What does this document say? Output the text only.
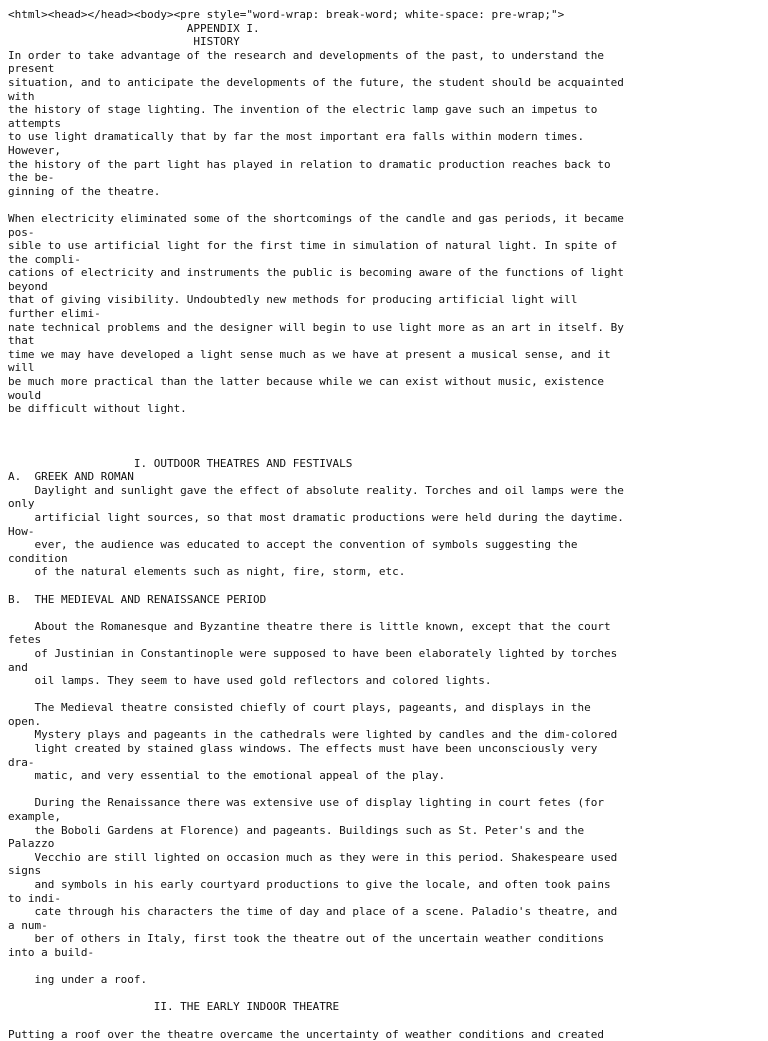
<html><head></head><body><pre style="word-wrap: break-word; white-space: pre-wrap;">
APPENDIX I.
HISTORY
In order to take advantage of the research and developments of the past, to understand the
present
situation, and to anticipate the developments of the future, the student should be acquainted
with
the history of stage lighting. The invention of the electric lamp gave such an impetus to
attempts
to use light dramatically that by far the most important era falls within modern times.
However,
the history of the part light has played in relation to dramatic production reaches back to
the be-
ginning of the theatre.
When electricity eliminated some of the shortcomings of the candle and gas periods, it became
pos-
sible to use artificial light for the first time in simulation of natural light. In spite of
the compli-
cations of electricity and instruments the public is becoming aware of the functions of light
beyond
that of giving visibility. Undoubtedly new methods for producing artificial light will
further elimi-
nate technical problems and the designer will begin to use light more as an art in itself. By
that
time we may have developed a light sense much as we have at present a musical sense, and it
will
be much more practical than the latter because while we can exist without music, existence
would
be difficult without light.
I. OUTDOOR THEATRES AND FESTIVALS
A.  GREEK AND ROMAN
Daylight and sunlight gave the effect of absolute reality. Torches and oil lamps were the
only
artificial light sources, so that most dramatic productions were held during the daytime.
How-
ever, the audience was educated to accept the convention of symbols suggesting the
condition
of the natural elements such as night, fire, storm, etc.
B.  THE MEDIEVAL AND RENAISSANCE PERIOD
About the Romanesque and Byzantine theatre there is little known, except that the court
fetes
of Justinian in Constantinople were supposed to have been elaborately lighted by torches
and
oil lamps. They seem to have used gold reflectors and colored lights.
The Medieval theatre consisted chiefly of court plays, pageants, and displays in the
open.
Mystery plays and pageants in the cathedrals were lighted by candles and the dim-colored
light created by stained glass windows. The effects must have been unconsciously very
dra-
matic, and very essential to the emotional appeal of the play.
During the Renaissance there was extensive use of display lighting in court fetes (for
example,
the Boboli Gardens at Florence) and pageants. Buildings such as St. Peter's and the
Palazzo
Vecchio are still lighted on occasion much as they were in this period. Shakespeare used
signs
and symbols in his early courtyard productions to give the locale, and often took pains
to indi-
cate through his characters the time of day and place of a scene. Paladio's theatre, and
a num-
ber of others in Italy, first took the theatre out of the uncertain weather conditions
into a build-
ing under a roof.
II. THE EARLY INDOOR THEATRE
Putting a roof over the theatre overcame the uncertainty of weather conditions and created
